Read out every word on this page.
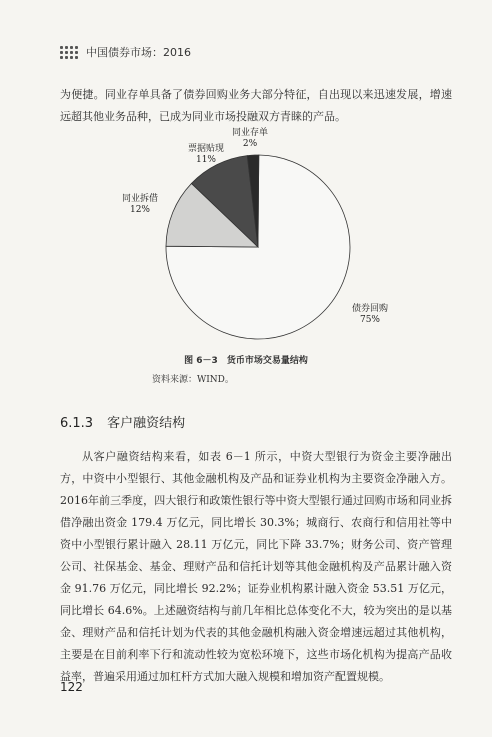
中国债券市场：2016

为便捷。同业存单具备了债券回购业务大部分特征，自出现以来迅速发展，增速远超其他业务品种，已成为同业市场投融双方青睐的产品。

债券回购
75%
同业拆借
12%
票据贴现
11%
同业存单
2%
图 6－3　货币市场交易量结构
资料来源：WIND。
6.1.3 客户融资结构

从客户融资结构来看，如表 6－1 所示，中资大型银行为资金主要净融出方，中资中小型银行、其他金融机构及产品和证券业机构为主要资金净融入方。2016年前三季度，四大银行和政策性银行等中资大型银行通过回购市场和同业拆借净融出资金 179.4 万亿元，同比增长 30.3%；城商行、农商行和信用社等中资中小型银行累计融入 28.11 万亿元，同比下降 33.7%；财务公司、资产管理公司、社保基金、基金、理财产品和信托计划等其他金融机构及产品累计融入资金 91.76 万亿元，同比增长 92.2%；证券业机构累计融入资金 53.51 万亿元，同比增长 64.6%。上述融资结构与前几年相比总体变化不大，较为突出的是以基金、理财产品和信托计划为代表的其他金融机构融入资金增速远超过其他机构，主要是在目前利率下行和流动性较为宽松环境下，这些市场化机构为提高产品收益率，普遍采用通过加杠杆方式加大融入规模和增加资产配置规模。

122
